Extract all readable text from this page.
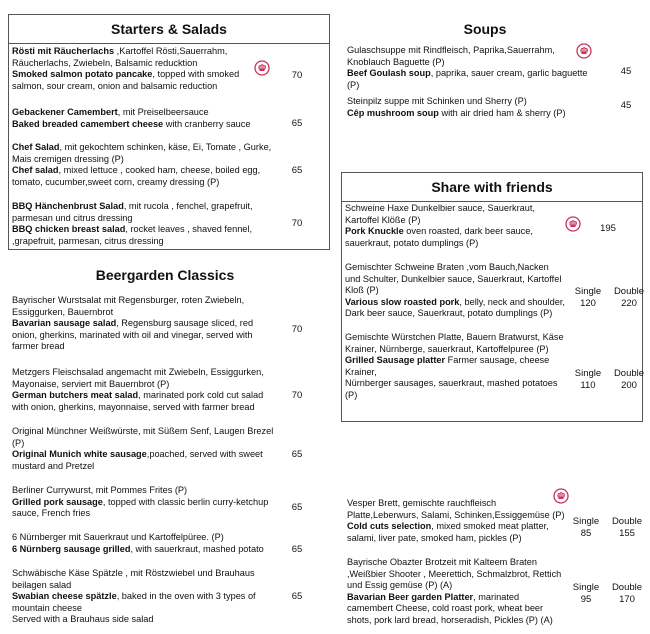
Starters & Salads
Rösti mit Räucherlachs ,Kartoffel Rösti,Sauerrahm, Räucherlachs, Zwiebeln, Balsamic reducktion
Smoked salmon potato pancake, topped with smoked salmon, sour cream, onion and balsamic reduction
70
Gebackener Camembert, mit Preiselbeersauce
Baked breaded camembert cheese with cranberry sauce	65
Chef Salad, mit gekochtem schinken, käse, Ei, Tomate , Gurke, Mais cremigen dressing (P)
Chef salad, mixed lettuce , cooked ham, cheese, boiled egg, tomato, cucumber,sweet corn, creamy dressing (P)
65
BBQ Hänchenbrust Salad, mit rucola , fenchel, grapefruit, parmesan und citrus dressing
BBQ chicken breast salad, rocket leaves , shaved fennel, ,grapefruit, parmesan, citrus dressing
70
Beergarden Classics
Bayrischer Wurstsalat mit Regensburger, roten Zwiebeln, Essiggurken, Bauernbrot
Bavarian sausage salad, Regensburg sausage sliced, red onion, gherkins, marinated with oil and vinegar, served with farmer bread
70
Metzgers Fleischsalad angemacht mit Zwiebeln, Essiggurken, Mayonaise, serviert mit Bauernbrot (P)
German butchers meat salad, marinated pork cold cut salad with onion, gherkins, mayonnaise, served with farmer bread
70
Original Münchner Weißwürste, mit Süßem Senf, Laugen Brezel (P)
Original Munich white sausage,poached, served with sweet mustard and Pretzel
65
Berliner Currywurst, mit Pommes Frites (P)
Grilled pork sausage, topped with classic berlin curry-ketchup sauce, French fries
65
6 Nürnberger mit Sauerkraut und Kartoffelpüree. (P)
6 Nürnberg sausage grilled, with sauerkraut, mashed potato	65
Schwäbische Käse Spätzle , mit Röstzwiebel und Brauhaus beilagen salad
Swabian cheese spätzle, baked in the oven with 3 types of mountain cheese
Served with a Brauhaus side salad
65
Soups
Gulaschsuppe mit Rindfleisch, Paprika,Sauerrahm, Knoblauch Baguette (P)
Beef Goulash soup, paprika, sauer cream, garlic baguette (P)
45
Steinpilz suppe mit Schinken und Sherry (P)
Cêp mushroom soup with air dried ham & sherry (P)
45
Share with friends
Schweine Haxe Dunkelbier sauce, Sauerkraut, Kartoffel Klöße (P)
Pork Knuckle oven roasted, dark beer sauce, sauerkraut, potato dumplings (P)
195
Gemischter Schweine Braten ,vom Bauch,Nacken und Schulter, Dunkelbier sauce, Sauerkraut, Kartoffel Kloß (P)
Various slow roasted pork, belly, neck and shoulder, Dark beer sauce, Sauerkraut, potato dumplings (P)
Single
120
Double
220
Gemischte Würstchen Platte, Bauern Bratwurst, Käse Krainer, Nürnberge, sauerkraut, Kartoffelpuree (P)
Grilled Sausage platter Farmer sausage, cheese Krainer,
Nürnberger sausages, sauerkraut, mashed potatoes (P)
Single
110
Double
200
Vesper Brett, gemischte rauchfleisch Platte,Leberwurs, Salami, Schinken,Essiggemüse (P)
Cold cuts selection, mixed smoked meat platter, salami, liver pate, smoked ham, pickles (P)
Single
85
Double
155
Bayrische Obazter Brotzeit mit Kalteem Braten ,Weißbier Shooter , Meerettich, Schmalzbrot, Rettich und Essig gemüse (P) (A)
Bavarian Beer garden Platter, marinated camembert Cheese, cold roast pork, wheat beer shots, pork lard bread, horseradish, Pickles (P) (A)
Single
95
Double
170
